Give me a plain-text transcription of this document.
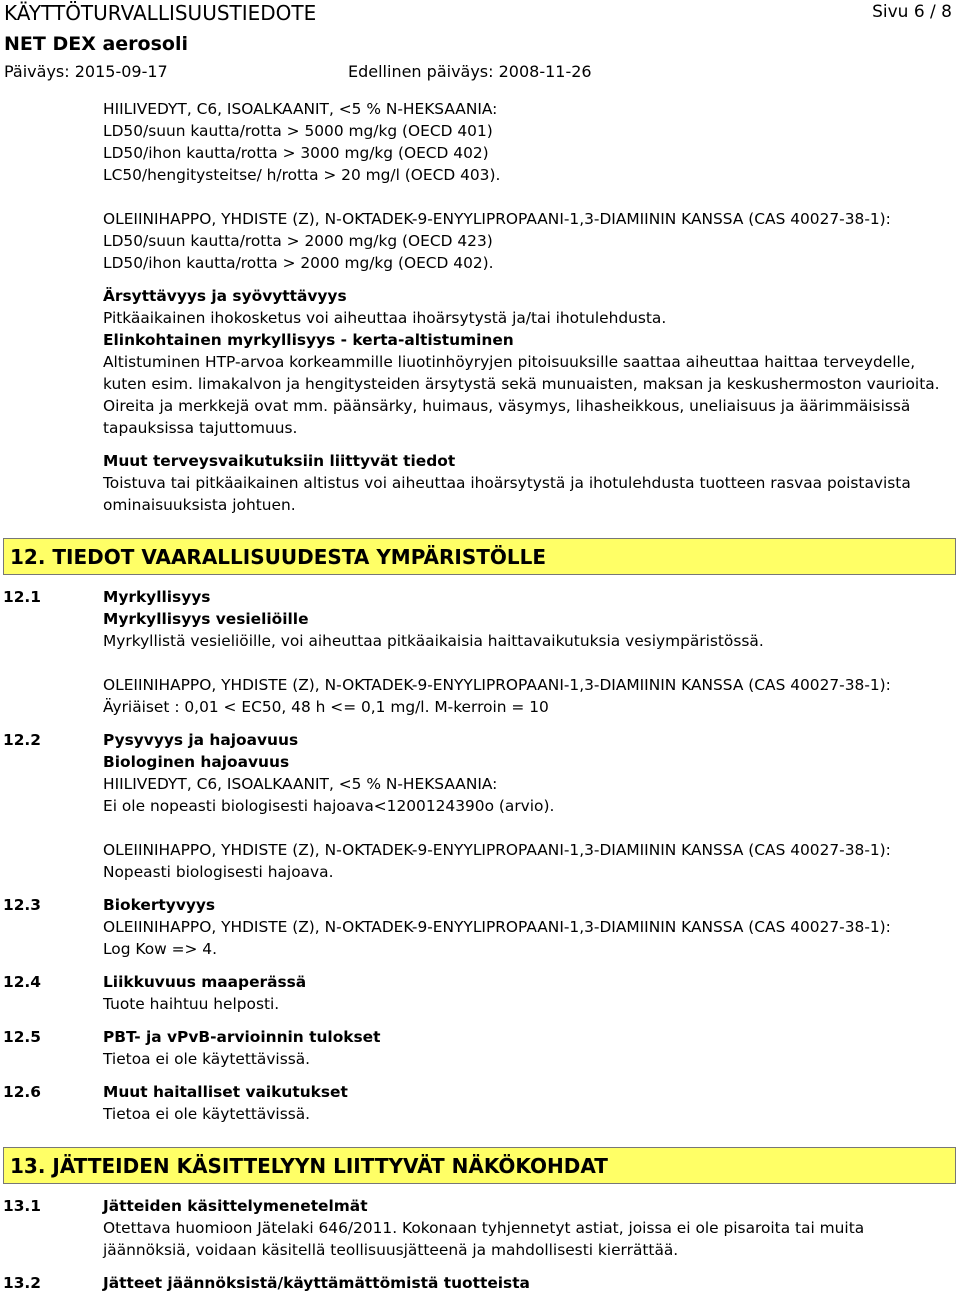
KÄYTTÖTURVALLISUUSTIEDOTE	Sivu 6 / 8
NET DEX aerosoli
Päiväys: 2015-09-17	Edellinen päiväys: 2008-11-26
HIILIVEDYT, C6, ISOALKAANIT, <5 % N-HEKSAANIA:
LD50/suun kautta/rotta > 5000 mg/kg (OECD 401)
LD50/ihon kautta/rotta > 3000 mg/kg (OECD 402)
LC50/hengitysteitse/ h/rotta > 20 mg/l (OECD 403).
OLEIINIHAPPO, YHDISTE (Z), N-OKTADEK-9-ENYYLIPROPAANI-1,3-DIAMIININ KANSSA (CAS 40027-38-1):
LD50/suun kautta/rotta > 2000 mg/kg (OECD 423)
LD50/ihon kautta/rotta > 2000 mg/kg (OECD 402).
Ärsyttävyys ja syövyttävyys
Pitkäaikainen ihokosketus voi aiheuttaa ihoärsytystä ja/tai ihotulehdusta.
Elinkohtainen myrkyllisyys - kerta-altistuminen
Altistuminen HTP-arvoa korkeammille liuotinhöyryjen pitoisuuksille saattaa aiheuttaa haittaa terveydelle,
kuten esim. limakalvon ja hengitysteiden ärsytystä sekä munuaisten, maksan ja keskushermoston vaurioita.
Oireita ja merkkejä ovat mm. päänsärky, huimaus, väsymys, lihasheikkous, uneliaisuus ja äärimmäisissä
tapauksissa tajuttomuus.
Muut terveysvaikutuksiin liittyvät tiedot
Toistuva tai pitkäaikainen altistus voi aiheuttaa ihoärsytystä ja ihotulehdusta tuotteen rasvaa poistavista
ominaisuuksista johtuen.
12. TIEDOT VAARALLISUUDESTA YMPÄRISTÖLLE
12.1	Myrkyllisyys
Myrkyllisyys vesieliöille
Myrkyllistä vesieliöille, voi aiheuttaa pitkäaikaisia haittavaikutuksia vesiympäristössä.
OLEIINIHAPPO, YHDISTE (Z), N-OKTADEK-9-ENYYLIPROPAANI-1,3-DIAMIININ KANSSA (CAS 40027-38-1):
Äyriäiset : 0,01 < EC50, 48 h <= 0,1 mg/l. M-kerroin = 10
12.2	Pysyvyys ja hajoavuus
Biologinen hajoavuus
HIILIVEDYT, C6, ISOALKAANIT, <5 % N-HEKSAANIA:
Ei ole nopeasti biologisesti hajoava<1200124390o (arvio).
OLEIINIHAPPO, YHDISTE (Z), N-OKTADEK-9-ENYYLIPROPAANI-1,3-DIAMIININ KANSSA (CAS 40027-38-1):
Nopeasti biologisesti hajoava.
12.3	Biokertyvyys
OLEIINIHAPPO, YHDISTE (Z), N-OKTADEK-9-ENYYLIPROPAANI-1,3-DIAMIININ KANSSA (CAS 40027-38-1):
Log Kow => 4.
12.4	Liikkuvuus maaperässä
Tuote haihtuu helposti.
12.5	PBT- ja vPvB-arvioinnin tulokset
Tietoa ei ole käytettävissä.
12.6	Muut haitalliset vaikutukset
Tietoa ei ole käytettävissä.
13. JÄTTEIDEN KÄSITTELYYN LIITTYVÄT NÄKÖKOHDAT
13.1	Jätteiden käsittelymenetelmät
Otettava huomioon Jätelaki 646/2011. Kokonaan tyhjennetyt astiat, joissa ei ole pisaroita tai muita
jäännöksiä, voidaan käsitellä teollisuusjätteenä ja mahdollisesti kierrättää.
13.2	Jätteet jäännöksistä/käyttämättömistä tuotteista
